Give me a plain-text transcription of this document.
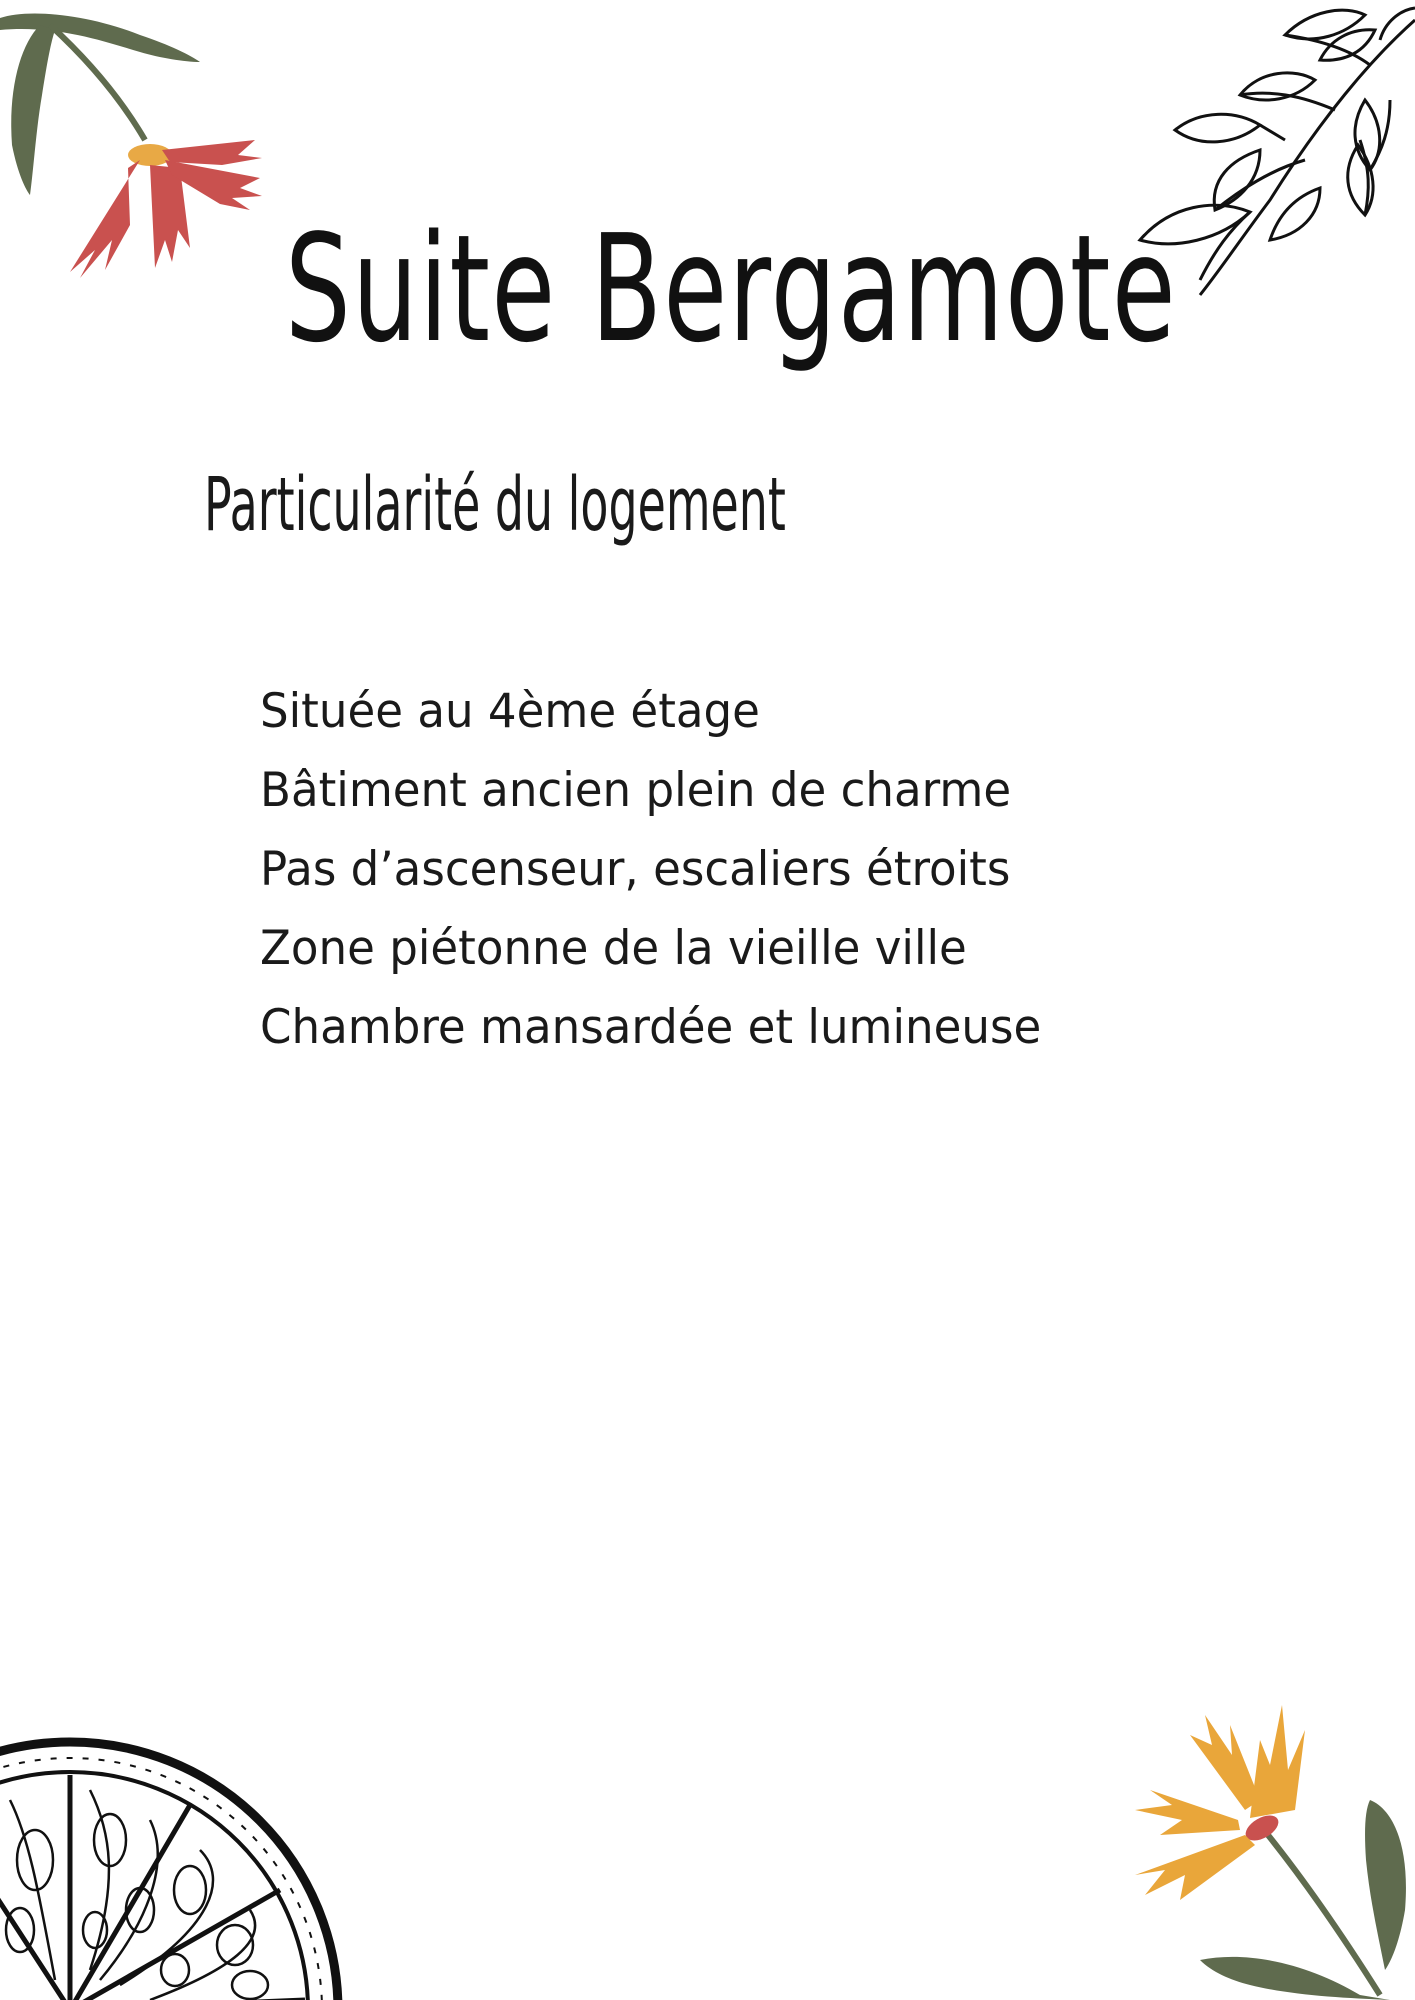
Suite Bergamote
Particularité du logement
Située au 4ème étage
Bâtiment ancien plein de charme
Pas d’ascenseur, escaliers étroits
Zone piétonne de la vieille ville
Chambre mansardée et lumineuse
